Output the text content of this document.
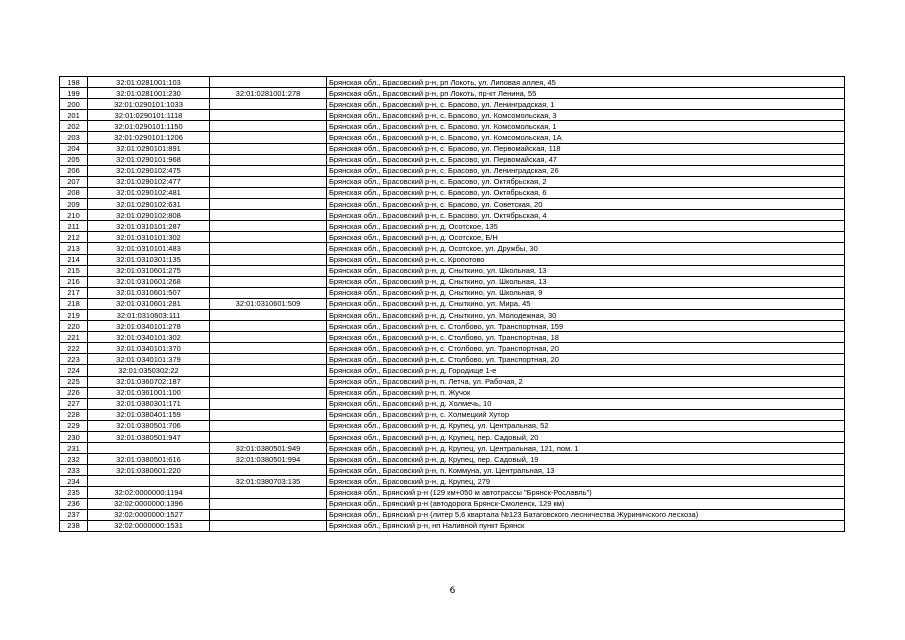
198	32:01:0281001:103		Брянская обл., Брасовский р-н, рп Локоть, ул. Липовая аллея, 45
199	32:01:0281001:230	32:01:0281001:278	Брянская обл., Брасовский р-н, рп Локоть, пр-кт Ленина, 55
200	32:01:0290101:1033		Брянская обл., Брасовский р-н, с. Брасово, ул. Ленинградская, 1
201	32:01:0290101:1118		Брянская обл., Брасовский р-н, с. Брасово, ул. Комсомольская, 3
202	32:01:0290101:1150		Брянская обл., Брасовский р-н, с. Брасово, ул. Комсомольская, 1
203	32:01:0290101:1206		Брянская обл., Брасовский р-н, с. Брасово, ул. Комсомольская, 1А
204	32:01:0290101:891		Брянская обл., Брасовский р-н, с. Брасово, ул. Первомайская, 118
205	32:01:0290101:968		Брянская обл., Брасовский р-н, с. Брасово, ул. Первомайская, 47
206	32:01:0290102:475		Брянская обл., Брасовский р-н, с. Брасово, ул. Ленинградская, 26
207	32:01:0290102:477		Брянская обл., Брасовский р-н, с. Брасово, ул. Октябрьская, 2
208	32:01:0290102:481		Брянская обл., Брасовский р-н, с. Брасово, ул. Октябрьская, 6
209	32:01:0290102:631		Брянская обл., Брасовский р-н, с. Брасово, ул. Советская, 20
210	32:01:0290102:808		Брянская обл., Брасовский р-н, с. Брасово, ул. Октябрьская, 4
211	32:01:0310101:287		Брянская обл., Брасовский р-н, д. Осотское, 135
212	32:01:0310101:302		Брянская обл., Брасовский р-н, д. Осотское, Б/Н
213	32:01:0310101:483		Брянская обл., Брасовский р-н, д. Осотское, ул. Дружбы, 30
214	32:01:0310301:135		Брянская обл., Брасовский р-н, с. Кропотово
215	32:01:0310601:275		Брянская обл., Брасовский р-н, д. Сныткино, ул. Школьная, 13
216	32:01:0310601:268		Брянская обл., Брасовский р-н, д. Сныткино, ул. Школьная, 13
217	32:01:0310601:507		Брянская обл., Брасовский р-н, д. Сныткино, ул. Школьная, 9
218	32:01:0310601:281	32:01:0310601:509	Брянская обл., Брасовский р-н, д. Сныткино, ул. Мира, 45
219	32:01:0310603:111		Брянская обл., Брасовский р-н, д. Сныткино, ул. Молодежная, 30
220	32:01:0340101:278		Брянская обл., Брасовский р-н, с. Столбово, ул. Транспортная, 159
221	32:01:0340101:302		Брянская обл., Брасовский р-н, с. Столбово, ул. Транспортная, 18
222	32:01:0340101:370		Брянская обл., Брасовский р-н, с. Столбово, ул. Транспортная, 20
223	32:01:0340101:379		Брянская обл., Брасовский р-н, с. Столбово, ул. Транспортная, 20
224	32:01:0350302:22		Брянская обл., Брасовский р-н, д. Городище 1-е
225	32:01:0360702:187		Брянская обл., Брасовский р-н, п. Летча, ул. Рабочая, 2
226	32:01:0361001:100		Брянская обл., Брасовский р-н, п. Жучок
227	32:01:0380301:171		Брянская обл., Брасовский р-н, д. Холмечь, 10
228	32:01:0380401:159		Брянская обл., Брасовский р-н, с. Холмецкий Хутор
229	32:01:0380501:706		Брянская обл., Брасовский р-н, д. Крупец, ул. Центральная, 52
230	32:01:0380501:947		Брянская обл., Брасовский р-н, д. Крупец, пер. Садовый, 20
231		32:01:0380501:949	Брянская обл., Брасовский р-н, д. Крупец, ул. Центральная, 121, пом. 1
232	32:01:0380501:616	32:01:0380501:994	Брянская обл., Брасовский р-н, д. Крупец, пер. Садовый, 19
233	32:01:0380601:220		Брянская обл., Брасовский р-н, п. Коммуна, ул. Центральная, 13
234		32:01:0380703:135	Брянская обл., Брасовский р-н, д. Крупец, 279
235	32:02:0000000:1194		Брянская обл., Брянский р-н (129 км+050 м автотрассы "Брянск-Рославль")
236	32:02:0000000:1396		Брянская обл., Брянский р-н (автодорога Брянск-Смоленск, 129 км)
237	32:02:0000000:1527		Брянская обл., Брянский р-н (литер 5,6 квартала №123 Батаговского лесничества Журиничского лесхоза)
238	32:02:0000000:1531		Брянская обл., Брянский р-н, нп Наливной пункт Брянск
6
